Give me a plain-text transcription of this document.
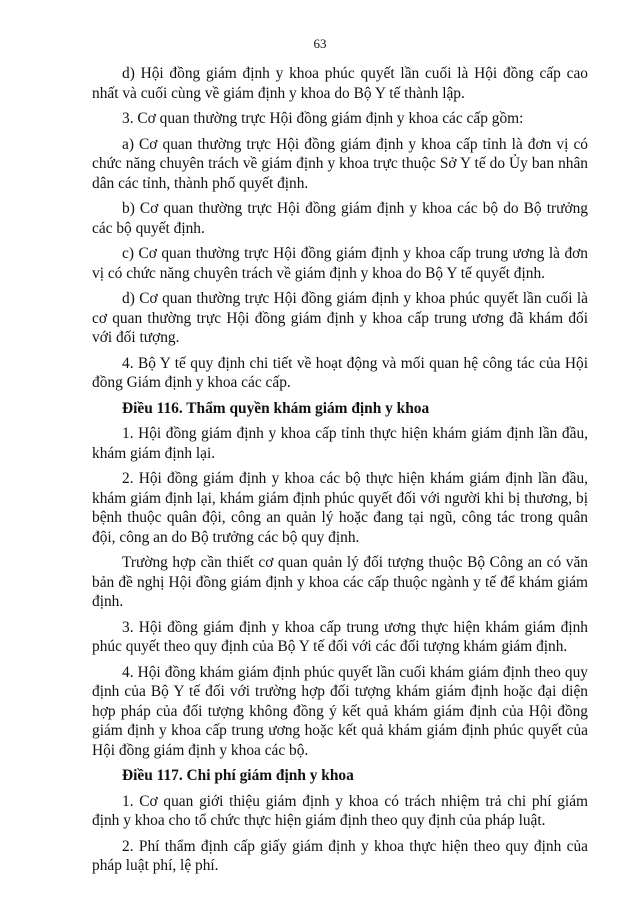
63

d) Hội đồng giám định y khoa phúc quyết lần cuối là Hội đồng cấp cao nhất và cuối cùng về giám định y khoa do Bộ Y tế thành lập.

3. Cơ quan thường trực Hội đồng giám định y khoa các cấp gồm:

a) Cơ quan thường trực Hội đồng giám định y khoa cấp tỉnh là đơn vị có chức năng chuyên trách về giám định y khoa trực thuộc Sở Y tế do Ủy ban nhân dân các tỉnh, thành phố quyết định.

b) Cơ quan thường trực Hội đồng giám định y khoa các bộ do Bộ trưởng các bộ quyết định.

c) Cơ quan thường trực Hội đồng giám định y khoa cấp trung ương là đơn vị có chức năng chuyên trách về giám định y khoa do Bộ Y tế quyết định.

d) Cơ quan thường trực Hội đồng giám định y khoa phúc quyết lần cuối là cơ quan thường trực Hội đồng giám định y khoa cấp trung ương đã khám đối với đối tượng.

4. Bộ Y tế quy định chi tiết về hoạt động và mối quan hệ công tác của Hội đồng Giám định y khoa các cấp.

Điều 116. Thẩm quyền khám giám định y khoa

1. Hội đồng giám định y khoa cấp tỉnh thực hiện khám giám định lần đầu, khám giám định lại.

2. Hội đồng giám định y khoa các bộ thực hiện khám giám định lần đầu, khám giám định lại, khám giám định phúc quyết đối với người khi bị thương, bị bệnh thuộc quân đội, công an quản lý hoặc đang tại ngũ, công tác trong quân đội, công an do Bộ trưởng các bộ quy định.

Trường hợp cần thiết cơ quan quản lý đối tượng thuộc Bộ Công an có văn bản đề nghị Hội đồng giám định y khoa các cấp thuộc ngành y tế để khám giám định.

3. Hội đồng giám định y khoa cấp trung ương thực hiện khám giám định phúc quyết theo quy định của Bộ Y tế đối với các đối tượng khám giám định.

4. Hội đồng khám giám định phúc quyết lần cuối khám giám định theo quy định của Bộ Y tế đối với trường hợp đối tượng khám giám định hoặc đại diện hợp pháp của đối tượng không đồng ý kết quả khám giám định của Hội đồng giám định y khoa cấp trung ương hoặc kết quả khám giám định phúc quyết của Hội đồng giám định y khoa các bộ.

Điều 117. Chi phí giám định y khoa

1. Cơ quan giới thiệu giám định y khoa có trách nhiệm trả chi phí giám định y khoa cho tổ chức thực hiện giám định theo quy định của pháp luật.

2. Phí thẩm định cấp giấy giám định y khoa thực hiện theo quy định của pháp luật phí, lệ phí.
